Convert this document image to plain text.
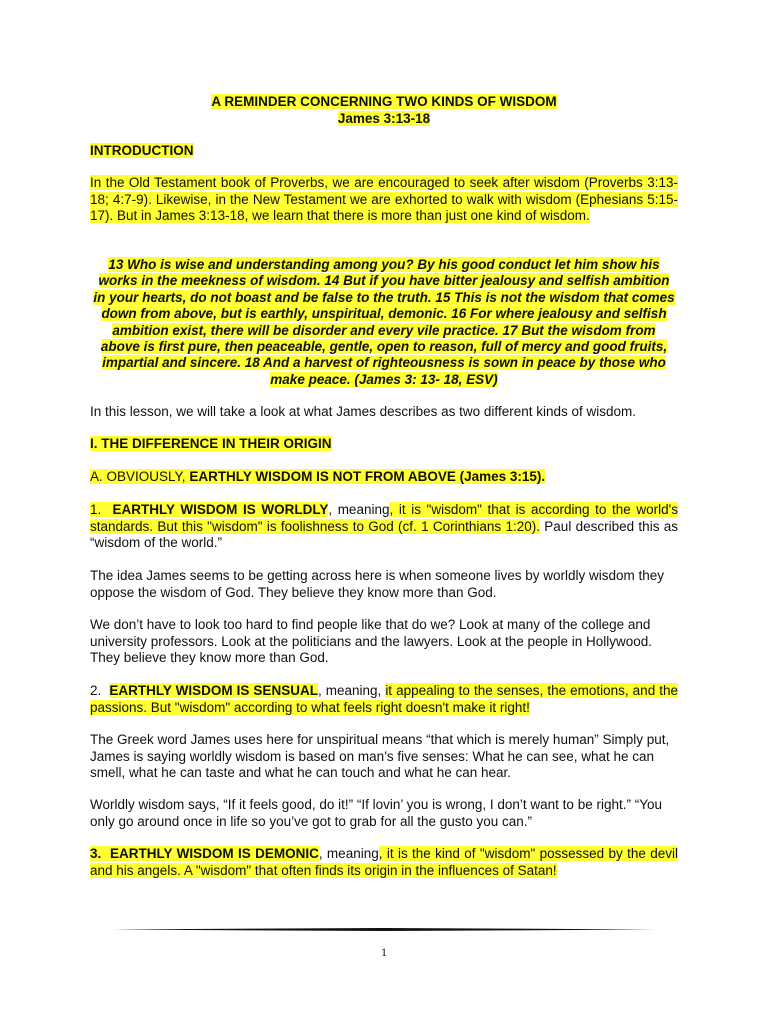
A REMINDER CONCERNING TWO KINDS OF WISDOM
James 3:13-18

INTRODUCTION

In the Old Testament book of Proverbs, we are encouraged to seek after wisdom (Proverbs 3:13-18; 4:7-9). Likewise, in the New Testament we are exhorted to walk with wisdom (Ephesians 5:15-17). But in James 3:13-18, we learn that there is more than just one kind of wisdom.

13 Who is wise and understanding among you? By his good conduct let him show his works in the meekness of wisdom. 14 But if you have bitter jealousy and selfish ambition in your hearts, do not boast and be false to the truth. 15 This is not the wisdom that comes down from above, but is earthly, unspiritual, demonic. 16 For where jealousy and selfish ambition exist, there will be disorder and every vile practice. 17 But the wisdom from above is first pure, then peaceable, gentle, open to reason, full of mercy and good fruits, impartial and sincere. 18 And a harvest of righteousness is sown in peace by those who make peace. (James 3: 13- 18, ESV)

In this lesson, we will take a look at what James describes as two different kinds of wisdom.

I. THE DIFFERENCE IN THEIR ORIGIN

A. OBVIOUSLY, EARTHLY WISDOM IS NOT FROM ABOVE (James 3:15).

1. EARTHLY WISDOM IS WORLDLY, meaning, it is "wisdom" that is according to the world's standards. But this "wisdom" is foolishness to God (cf. 1 Corinthians 1:20). Paul described this as “wisdom of the world.”

The idea James seems to be getting across here is when someone lives by worldly wisdom they oppose the wisdom of God. They believe they know more than God.

We don’t have to look too hard to find people like that do we? Look at many of the college and university professors. Look at the politicians and the lawyers. Look at the people in Hollywood. They believe they know more than God.

2. EARTHLY WISDOM IS SENSUAL, meaning, it appealing to the senses, the emotions, and the passions. But "wisdom" according to what feels right doesn't make it right!

The Greek word James uses here for unspiritual means “that which is merely human” Simply put, James is saying worldly wisdom is based on man’s five senses: What he can see, what he can smell, what he can taste and what he can touch and what he can hear.

Worldly wisdom says, “If it feels good, do it!” “If lovin’ you is wrong, I don’t want to be right.” “You only go around once in life so you’ve got to grab for all the gusto you can.”

3. EARTHLY WISDOM IS DEMONIC, meaning, it is the kind of "wisdom" possessed by the devil and his angels. A "wisdom" that often finds its origin in the influences of Satan!

1
